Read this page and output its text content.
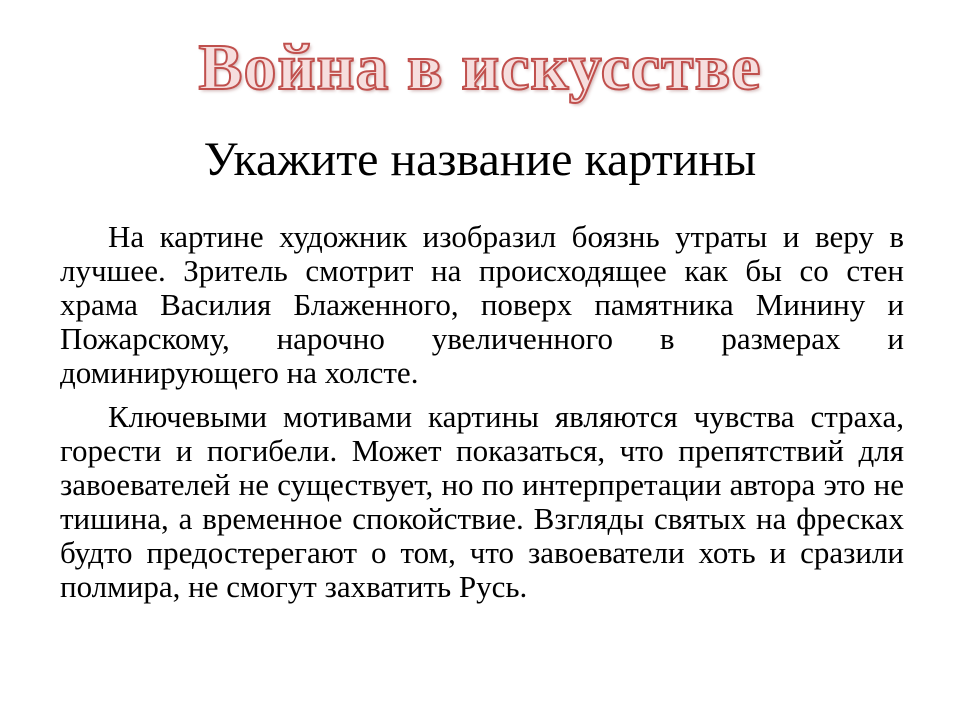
Война в искусстве
Укажите название картины

На картине художник изобразил боязнь утраты и веру в лучшее. Зритель смотрит на происходящее как бы со стен храма Василия Блаженного, поверх памятника Минину и Пожарскому, нарочно увеличенного в размерах и доминирующего на холсте.

Ключевыми мотивами картины являются чувства страха, горести и погибели. Может показаться, что препятствий для завоевателей не существует, но по интерпретации автора это не тишина, а временное спокойствие. Взгляды святых на фресках будто предостерегают о том, что завоеватели хоть и сразили полмира, не смогут захватить Русь.
